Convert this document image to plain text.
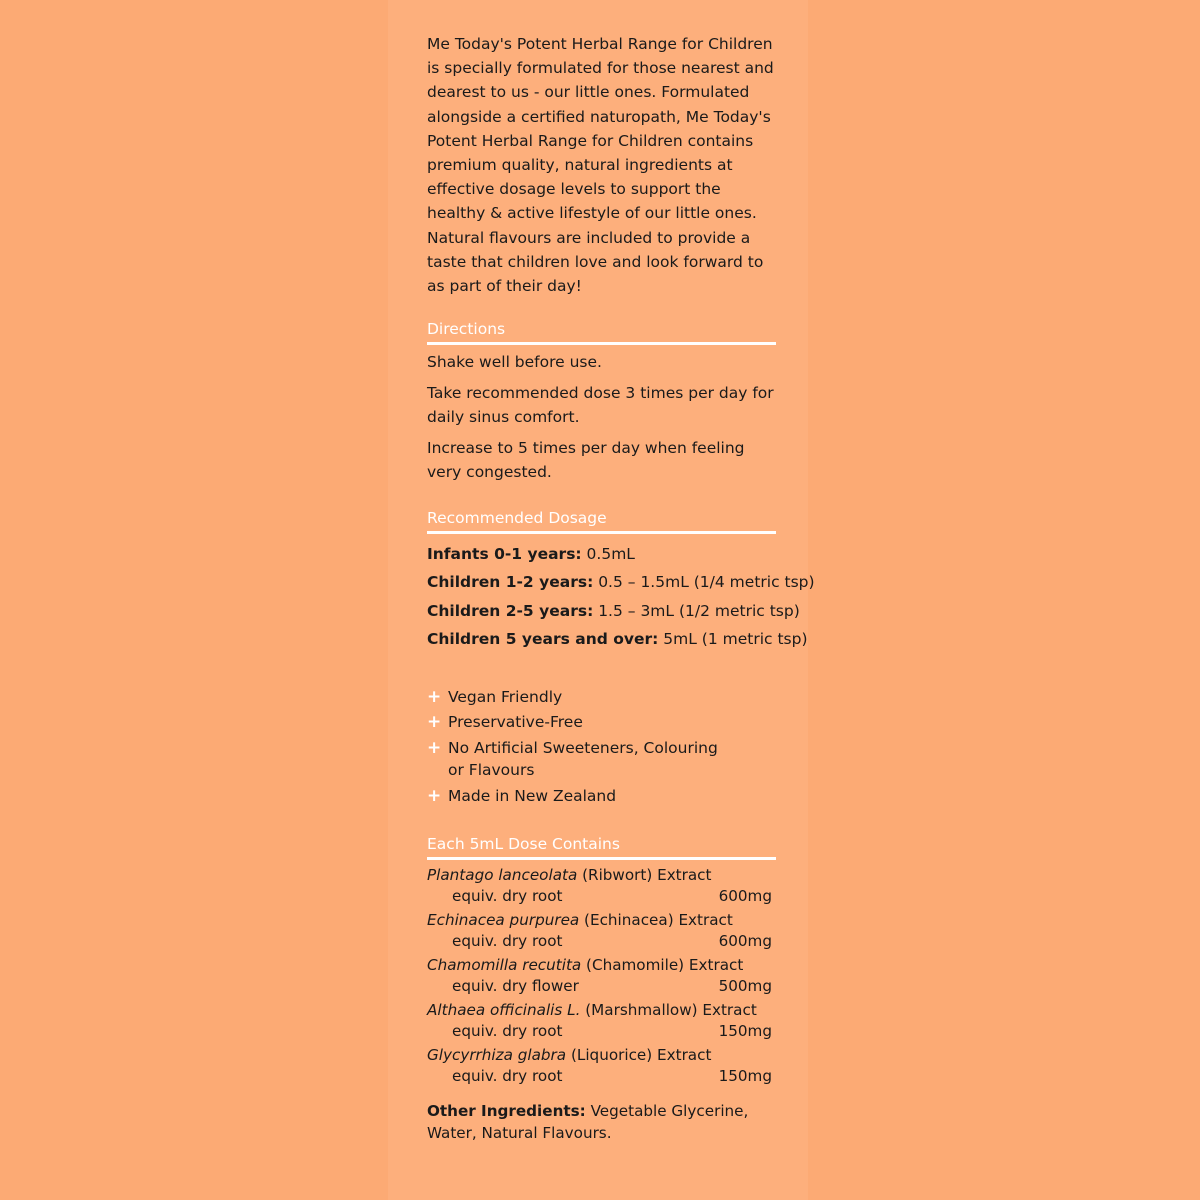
Me Today's Potent Herbal Range for Children is specially formulated for those nearest and dearest to us - our little ones. Formulated alongside a certified naturopath, Me Today's Potent Herbal Range for Children contains premium quality, natural ingredients at effective dosage levels to support the healthy & active lifestyle of our little ones. Natural flavours are included to provide a taste that children love and look forward to as part of their day!

Directions

Shake well before use.

Take recommended dose 3 times per day for daily sinus comfort.

Increase to 5 times per day when feeling very congested.

Recommended Dosage
Infants 0-1 years: 0.5mL
Children 1-2 years: 0.5 – 1.5mL (1/4 metric tsp)
Children 2-5 years: 1.5 – 3mL (1/2 metric tsp)
Children 5 years and over: 5mL (1 metric tsp)
+ Vegan Friendly
+ Preservative-Free
+ No Artificial Sweeteners, Colouring or Flavours
+ Made in New Zealand
Each 5mL Dose Contains
Plantago lanceolata (Ribwort) Extract
equiv. dry root	600mg
Echinacea purpurea (Echinacea) Extract
equiv. dry root	600mg
Chamomilla recutita (Chamomile) Extract
equiv. dry flower	500mg
Althaea officinalis L. (Marshmallow) Extract
equiv. dry root	150mg
Glycyrrhiza glabra (Liquorice) Extract
equiv. dry root	150mg
Other Ingredients: Vegetable Glycerine, Water, Natural Flavours.
